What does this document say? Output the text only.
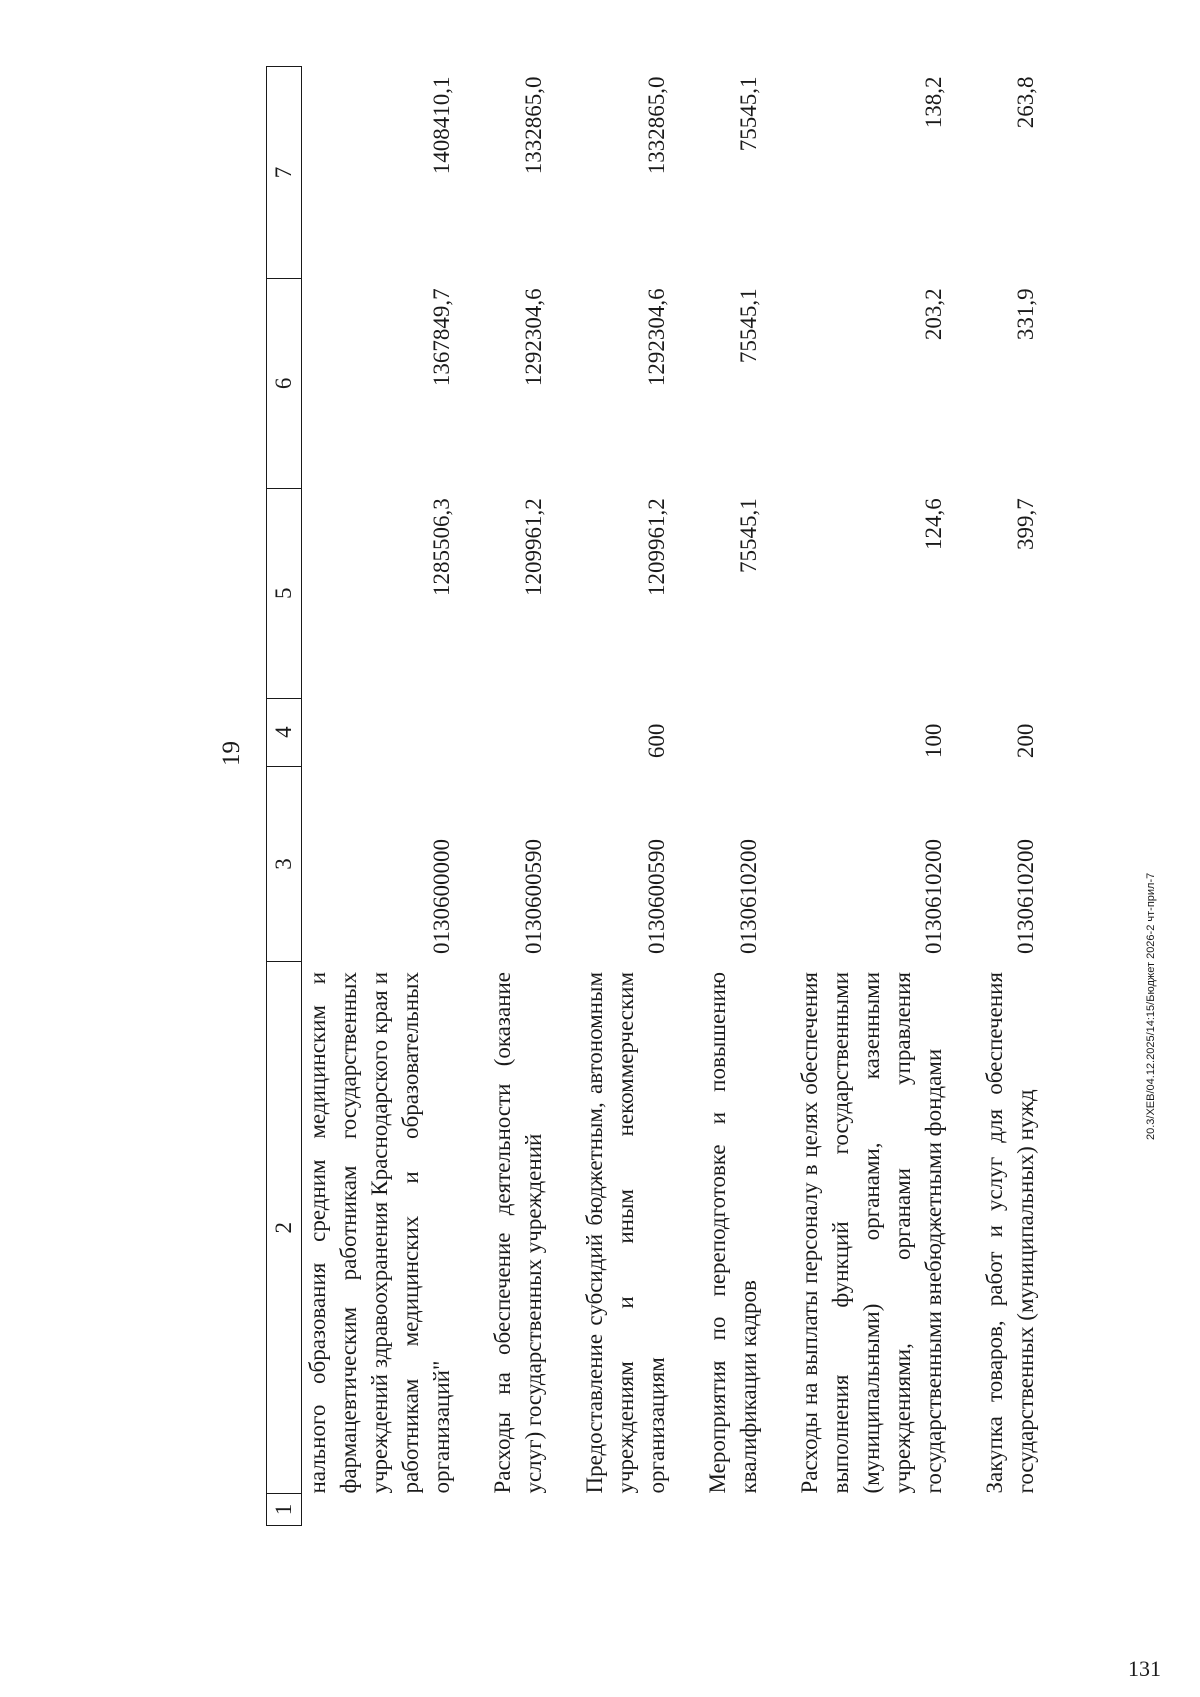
19
1	2	3	4	5	6	7
	нального образования средним медицинским и фармацевтическим работникам государственных учреждений здравоохранения Краснодарского края и работникам медицинских и образовательных организаций"	0130600000		1285506,3	1367849,7	1408410,1

	Расходы на обеспечение деятельности (оказание услуг) государственных учреждений	0130600590		1209961,2	1292304,6	1332865,0

	Предоставление субсидий бюджетным, автономным учреждениям и иным некоммерческим организациям	0130600590	600	1209961,2	1292304,6	1332865,0

	Мероприятия по переподготовке и повышению квалификации кадров	0130610200		75545,1	75545,1	75545,1

	Расходы на выплаты персоналу в целях обеспечения выполнения функций государственными (муниципальными) органами, казенными учреждениями, органами управления государственными внебюджетными фондами	0130610200	100	124,6	203,2	138,2

	Закупка товаров, работ и услуг для обеспечения государственных (муниципальных) нужд	0130610200	200	399,7	331,9	263,8
20.3/ХЕВ/04.12.2025/14:15/Бюджет 2026-2 чт-прил-7
131
